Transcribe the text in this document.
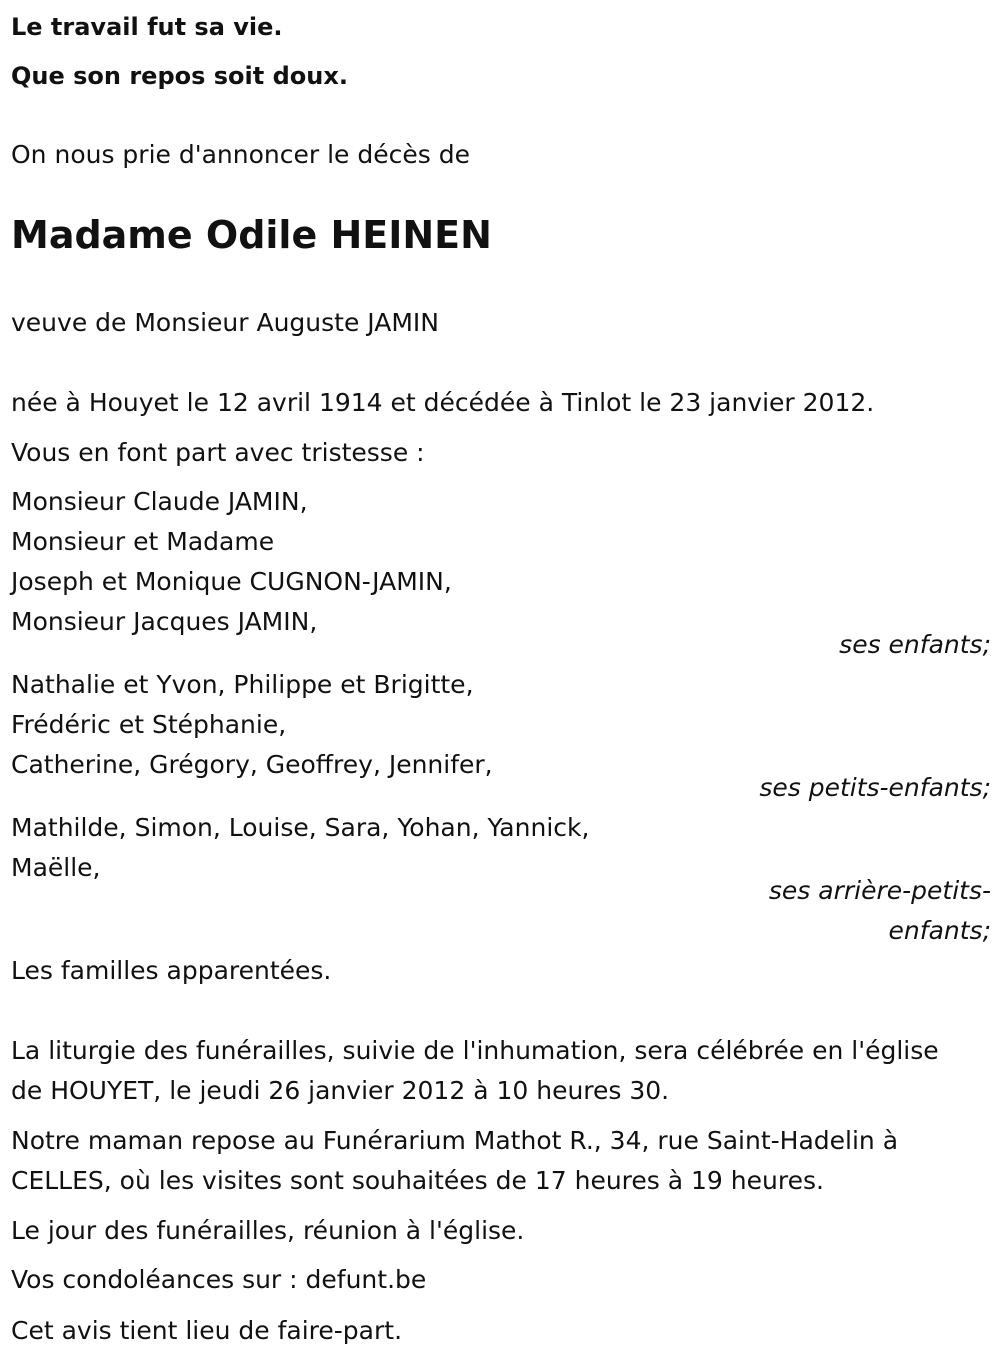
Le travail fut sa vie.
Que son repos soit doux.
On nous prie d'annoncer le décès de
Madame Odile HEINEN
veuve de Monsieur Auguste JAMIN
née à Houyet le 12 avril 1914 et décédée à Tinlot le 23 janvier 2012.
Vous en font part avec tristesse :
Monsieur Claude JAMIN,
Monsieur et Madame
Joseph et Monique CUGNON-JAMIN,
Monsieur Jacques JAMIN,
ses enfants;
Nathalie et Yvon, Philippe et Brigitte,
Frédéric et Stéphanie,
Catherine, Grégory, Geoffrey, Jennifer,
ses petits-enfants;
Mathilde, Simon, Louise, Sara, Yohan, Yannick,
Maëlle,
ses arrière-petits-
enfants;
Les familles apparentées.
La liturgie des funérailles, suivie de l'inhumation, sera célébrée en l'église
de HOUYET, le jeudi 26 janvier 2012 à 10 heures 30.
Notre maman repose au Funérarium Mathot R., 34, rue Saint-Hadelin à
CELLES, où les visites sont souhaitées de 17 heures à 19 heures.
Le jour des funérailles, réunion à l'église.
Vos condoléances sur : defunt.be
Cet avis tient lieu de faire-part.
